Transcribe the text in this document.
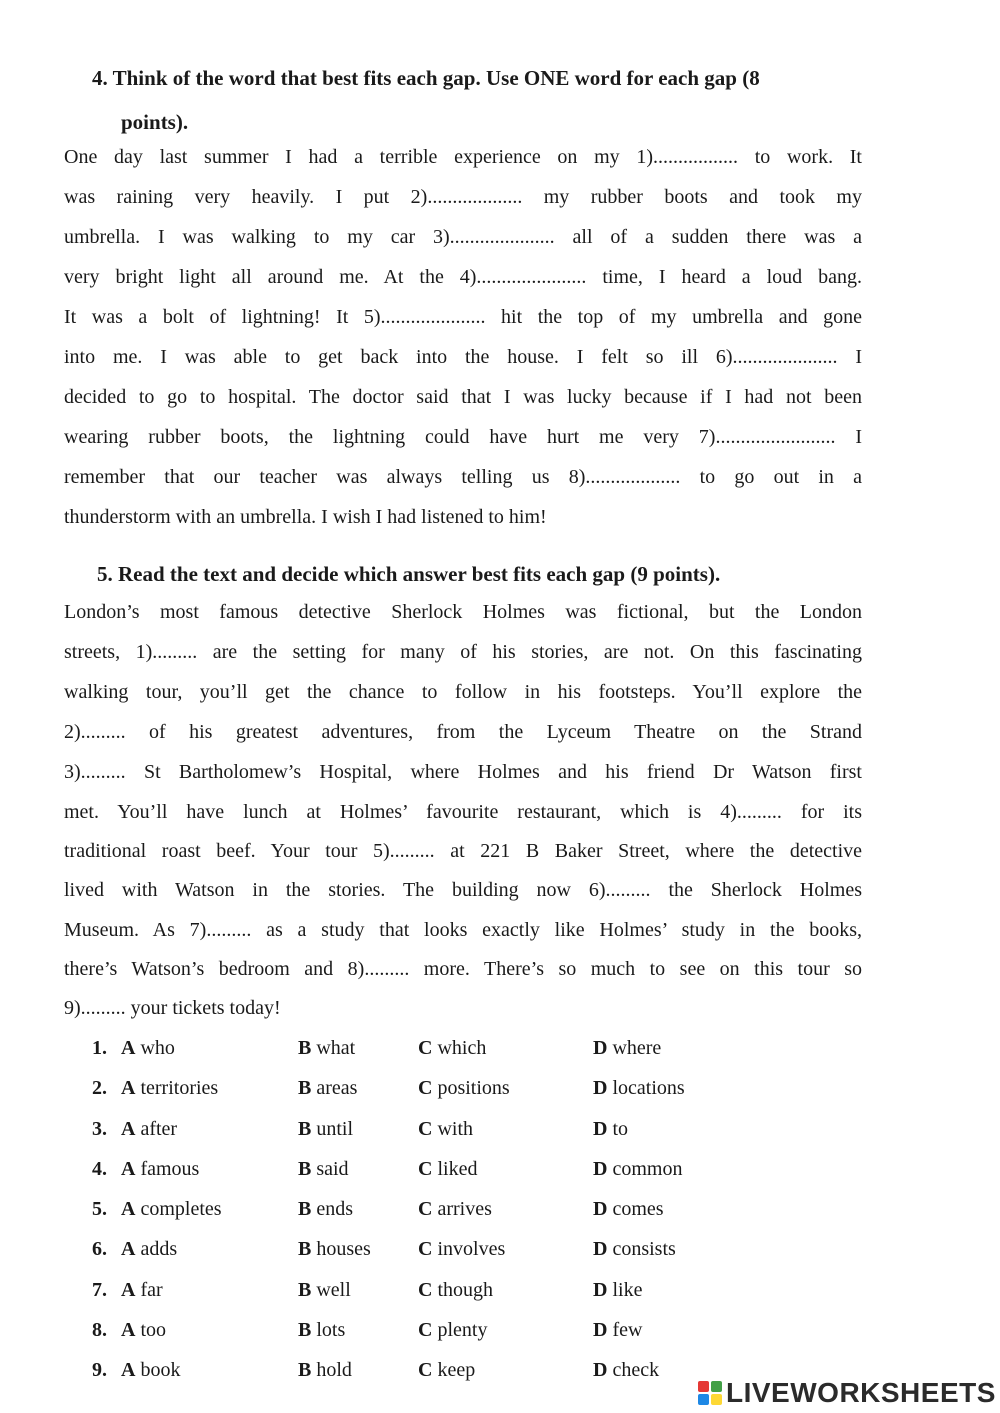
4. Think of the word that best fits each gap. Use ONE word for each gap (8
points).
One day last summer I had a terrible experience on my 1)................. to work. It
was raining very heavily. I put 2)................... my rubber boots and took my
umbrella. I was walking to my car 3)..................... all of a sudden there was a
very bright light all around me. At the 4)...................... time, I heard a loud bang.
It was a bolt of lightning! It 5)..................... hit the top of my umbrella and gone
into me. I was able to get back into the house. I felt so ill 6)..................... I
decided to go to hospital. The doctor said that I was lucky because if I had not been
wearing rubber boots, the lightning could have hurt me very 7)........................ I
remember that our teacher was always telling us 8)................... to go out in a
thunderstorm with an umbrella. I wish I had listened to him!
5. Read the text and decide which answer best fits each gap (9 points).
London’s most famous detective Sherlock Holmes was fictional, but the London
streets, 1)......... are the setting for many of his stories, are not. On this fascinating
walking tour, you’ll get the chance to follow in his footsteps. You’ll explore the
2)......... of his greatest adventures, from the Lyceum Theatre on the Strand
3)......... St Bartholomew’s Hospital, where Holmes and his friend Dr Watson first
met. You’ll have lunch at Holmes’ favourite restaurant, which is 4)......... for its
traditional roast beef. Your tour 5)......... at 221 B Baker Street, where the detective
lived with Watson in the stories. The building now 6)......... the Sherlock Holmes
Museum. As 7)......... as a study that looks exactly like Holmes’ study in the books,
there’s Watson’s bedroom and 8)......... more. There’s so much to see on this tour so
9)......... your tickets today!
1. A who	B what	C which	D where
2. A territories	B areas	C positions	D locations
3. A after	B until	C with	D to
4. A famous	B said	C liked	D common
5. A completes	B ends	C arrives	D comes
6. A adds	B houses C involves	D consists
7. A far	B well	C though	D like
8. A too	B lots	C plenty	D few
9. A book	B hold	C keep	D check
LIVEWORKSHEETS
